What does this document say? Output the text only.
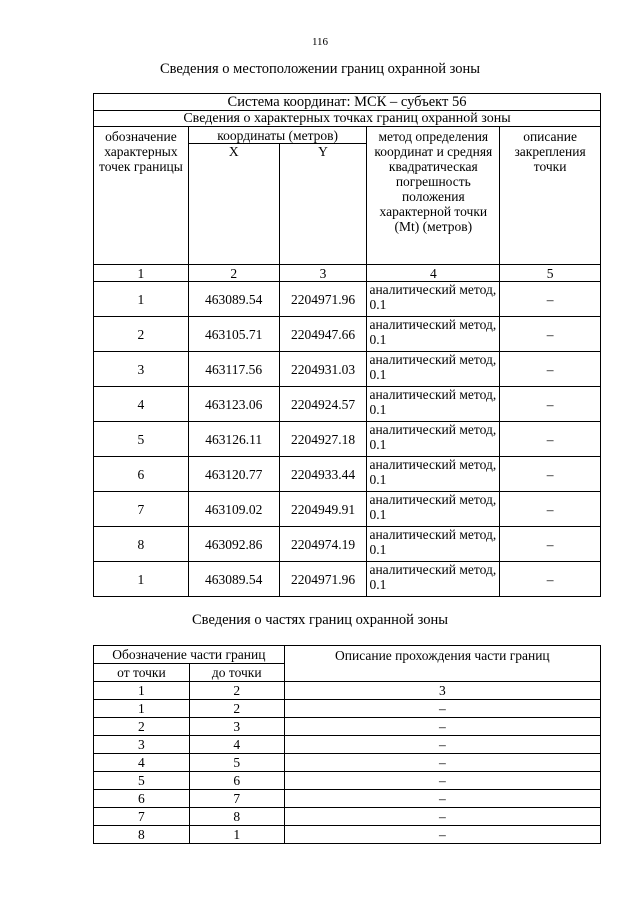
116
Сведения о местоположении границ охранной зоны
Система координат: МСК – субъект 56				
Сведения о характерных точках границ охранной зоны				
обозначение характерных точек границы	координаты (метров)		метод определения координат и средняя квадратическая погрешность положения характерной точки (Mt) (метров)	описание закрепления точки
	X	Y		
1	2	3	4	5
1	463089.54	2204971.96	аналитический метод, 0.1	–
2	463105.71	2204947.66	аналитический метод, 0.1	–
3	463117.56	2204931.03	аналитический метод, 0.1	–
4	463123.06	2204924.57	аналитический метод, 0.1	–
5	463126.11	2204927.18	аналитический метод, 0.1	–
6	463120.77	2204933.44	аналитический метод, 0.1	–
7	463109.02	2204949.91	аналитический метод, 0.1	–
8	463092.86	2204974.19	аналитический метод, 0.1	–
1	463089.54	2204971.96	аналитический метод, 0.1	–
Сведения о частях границ охранной зоны
Обозначение части границ		Описание прохождения части границ
от точки	до точки	
1	2	3
1	2	–
2	3	–
3	4	–
4	5	–
5	6	–
6	7	–
7	8	–
8	1	–
